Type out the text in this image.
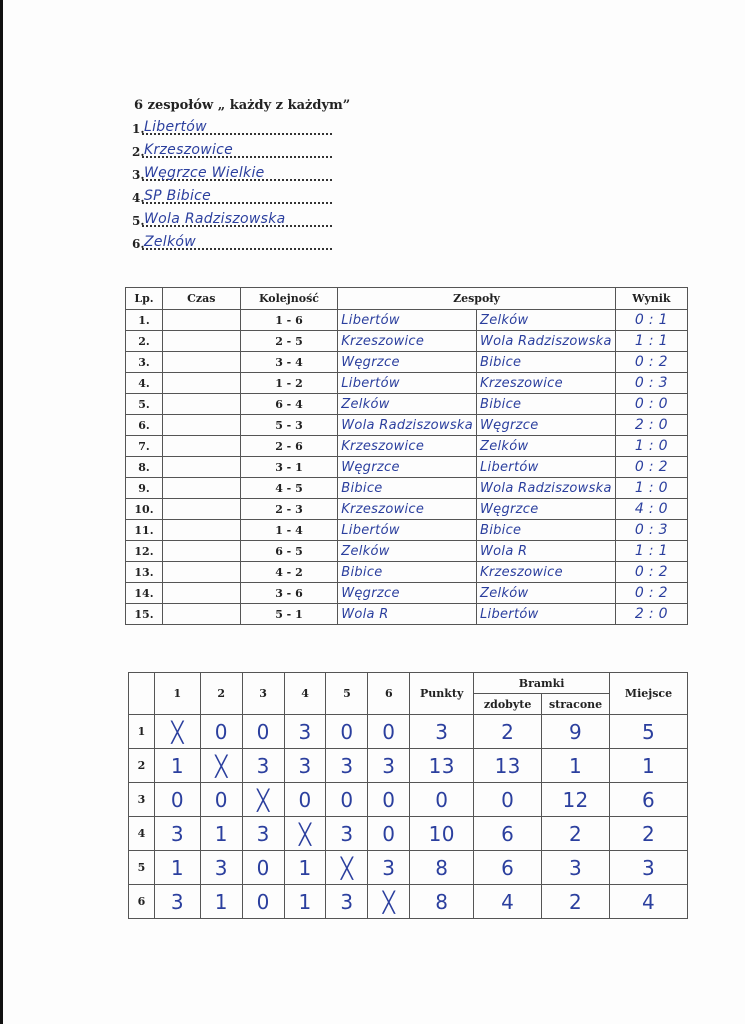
6 zespołów „ każdy z każdym”
1. Libertów
2. Krzeszowice
3. Węgrzce Wielkie
4. SP Bibice
5. Wola Radziszowska
6. Zelków
Lp.	Czas	Kolejność	Zespoły		Wynik
1.		1 - 6	Libertów	Zelków	0 : 1
2.		2 - 5	Krzeszowice	Wola Radziszowska	1 : 1
3.		3 - 4	Węgrzce	Bibice	0 : 2
4.		1 - 2	Libertów	Krzeszowice	0 : 3
5.		6 - 4	Zelków	Bibice	0 : 0
6.		5 - 3	Wola Radziszowska	Węgrzce	2 : 0
7.		2 - 6	Krzeszowice	Zelków	1 : 0
8.		3 - 1	Węgrzce	Libertów	0 : 2
9.		4 - 5	Bibice	Wola Radziszowska	1 : 0
10.		2 - 3	Krzeszowice	Węgrzce	4 : 0
11.		1 - 4	Libertów	Bibice	0 : 3
12.		6 - 5	Zelków	Wola R	1 : 1
13.		4 - 2	Bibice	Krzeszowice	0 : 2
14.		3 - 6	Węgrzce	Zelków	0 : 2
15.		5 - 1	Wola R	Libertów	2 : 0
	1	2	3	4	5	6	Punkty	Bramki		Miejsce
								zdobyte	stracone	
1	╳	0	0	3	0	0	3	2	9	5
2	1	╳	3	3	3	3	13	13	1	1
3	0	0	╳	0	0	0	0	0	12	6
4	3	1	3	╳	3	0	10	6	2	2
5	1	3	0	1	╳	3	8	6	3	3
6	3	1	0	1	3	╳	8	4	2	4
